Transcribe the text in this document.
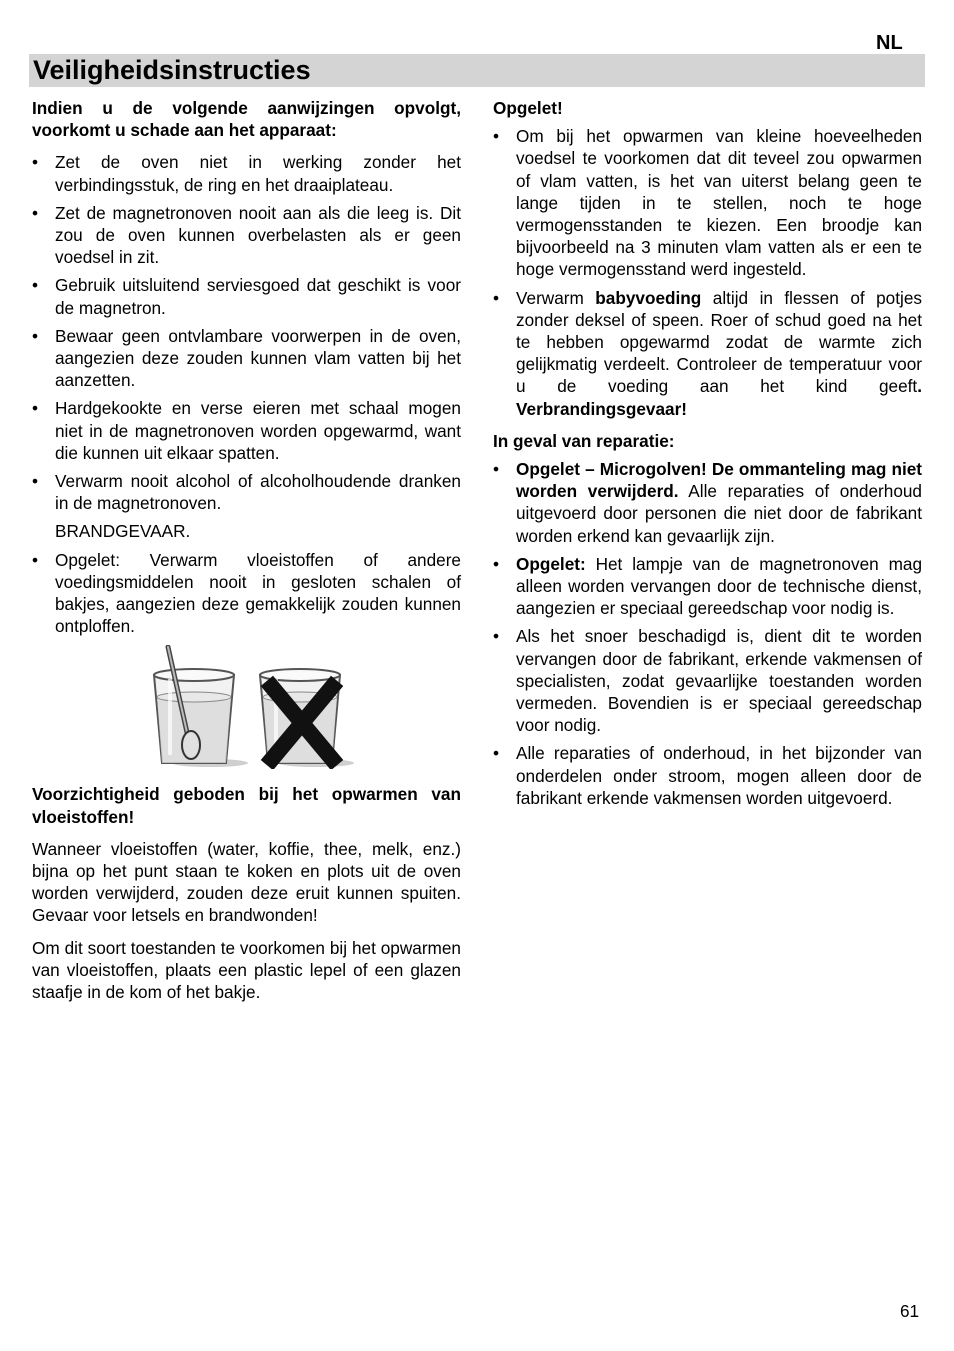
NL
Veiligheidsinstructies

Indien u de volgende aanwijzingen opvolgt, voorkomt u schade aan het apparaat:

• Zet de oven niet in werking zonder het verbindingsstuk, de ring en het draaiplateau.
• Zet de magnetronoven nooit aan als die leeg is. Dit zou de oven kunnen overbelasten als er geen voedsel in zit.
• Gebruik uitsluitend serviesgoed dat geschikt is voor de magnetron.
• Bewaar geen ontvlambare voorwerpen in de oven, aangezien deze zouden kunnen vlam vatten bij het aanzetten.
• Hardgekookte en verse eieren met schaal mogen niet in de magnetronoven worden opgewarmd, want die kunnen uit elkaar spatten.
• Verwarm nooit alcohol of alcoholhoudende dranken in de magnetronoven.
BRANDGEVAAR.
• Opgelet: Verwarm vloeistoffen of andere voedingsmiddelen nooit in gesloten schalen of bakjes, aangezien deze gemakkelijk zouden kunnen ontploffen.

Voorzichtigheid geboden bij het opwarmen van vloeistoffen!

Wanneer vloeistoffen (water, koffie, thee, melk, enz.) bijna op het punt staan te koken en plots uit de oven worden verwijderd, zouden deze eruit kunnen spuiten. Gevaar voor letsels en brandwonden!

Om dit soort toestanden te voorkomen bij het opwarmen van vloeistoffen, plaats een plastic lepel of een glazen staafje in de kom of het bakje.

Opgelet!

• Om bij het opwarmen van kleine hoeveelheden voedsel te voorkomen dat dit teveel zou opwarmen of vlam vatten, is het van uiterst belang geen te lange tijden in te stellen, noch te hoge vermogensstanden te kiezen. Een broodje kan bijvoorbeeld na 3 minuten vlam vatten als er een te hoge vermogensstand werd ingesteld.
• Verwarm babyvoeding altijd in flessen of potjes zonder deksel of speen. Roer of schud goed na het te hebben opgewarmd zodat de warmte zich gelijkmatig verdeelt. Controleer de temperatuur voor u de voeding aan het kind geeft. Verbrandingsgevaar!

In geval van reparatie:

• Opgelet – Microgolven! De ommanteling mag niet worden verwijderd. Alle reparaties of onderhoud uitgevoerd door personen die niet door de fabrikant worden erkend kan gevaarlijk zijn.
• Opgelet: Het lampje van de magnetronoven mag alleen worden vervangen door de technische dienst, aangezien er speciaal gereedschap voor nodig is.
• Als het snoer beschadigd is, dient dit te worden vervangen door de fabrikant, erkende vakmensen of specialisten, zodat gevaarlijke toestanden worden vermeden. Bovendien is er speciaal gereedschap voor nodig.
• Alle reparaties of onderhoud, in het bijzonder van onderdelen onder stroom, mogen alleen door de fabrikant erkende vakmensen worden uitgevoerd.
61
